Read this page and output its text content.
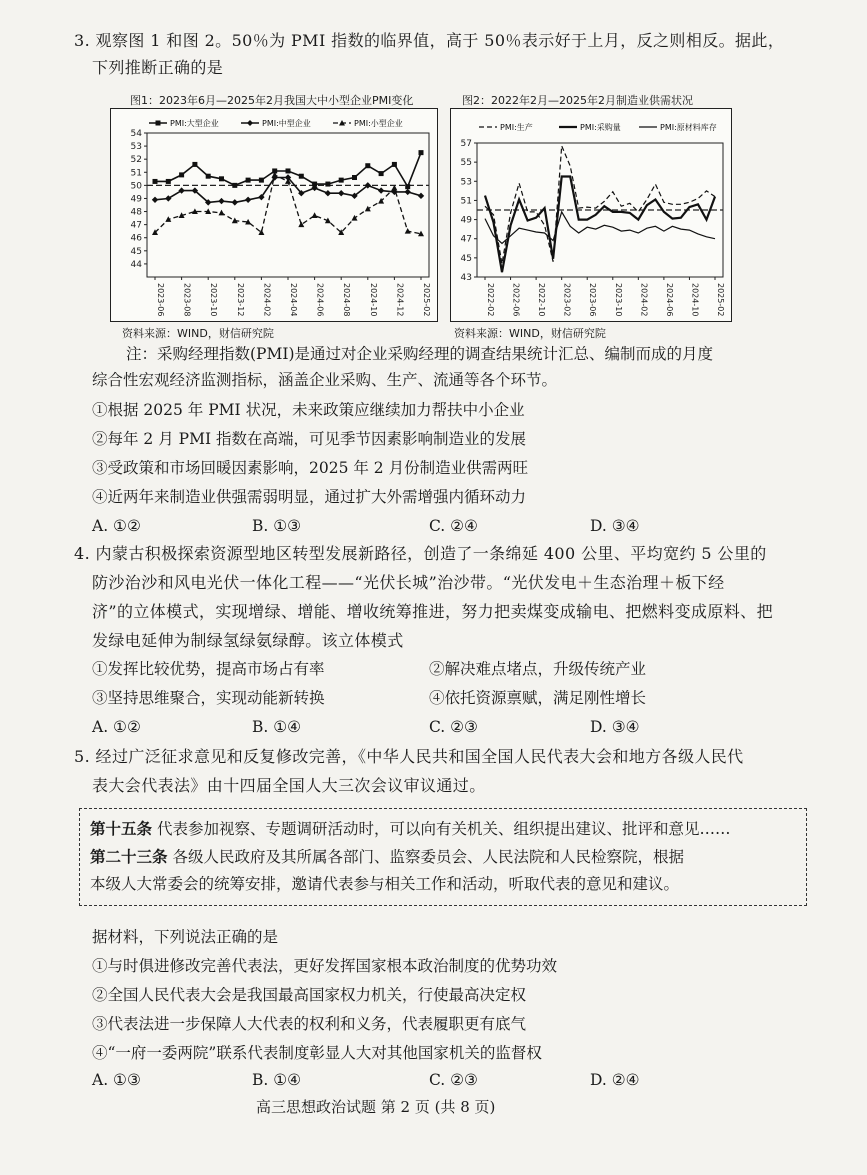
3. 观察图 1 和图 2。50％为 PMI 指数的临界值，高于 50％表示好于上月，反之则相反。据此，
下列推断正确的是
图1：2023年6月—2025年2月我国大中小型企业PMI变化	图2：2022年2月—2025年2月制造业供需状况
44
45
46
47
48
49
50
51
52
53
54
2023-06 2023-08 2023-10 2023-12 2024-02 2024-04 2024-06 2024-08 2024-10 2024-12 2025-02
PMI:大型企业	PMI:中型企业	PMI:小型企业
43
45
47
49
51
53
55
57
2022-02 2022-06 2022-10 2023-02 2023-06 2023-10 2024-02 2024-06 2024-10 2025-02
PMI:生产	PMI:采购量	PMI:原材料库存
资料来源：WIND，财信研究院	资料来源：WIND，财信研究院
注：采购经理指数(PMI)是通过对企业采购经理的调查结果统计汇总、编制而成的月度
综合性宏观经济监测指标，涵盖企业采购、生产、流通等各个环节。
①根据 2025 年 PMI 状况，未来政策应继续加力帮扶中小企业
②每年 2 月 PMI 指数在高端，可见季节因素影响制造业的发展
③受政策和市场回暖因素影响，2025 年 2 月份制造业供需两旺
④近两年来制造业供强需弱明显，通过扩大外需增强内循环动力
A. ①②	B. ①③	C. ②④	D. ③④
4. 内蒙古积极探索资源型地区转型发展新路径，创造了一条绵延 400 公里、平均宽约 5 公里的
防沙治沙和风电光伏一体化工程——“光伏长城”治沙带。“光伏发电＋生态治理＋板下经
济”的立体模式，实现增绿、增能、增收统筹推进，努力把卖煤变成输电、把燃料变成原料、把
发绿电延伸为制绿氢绿氨绿醇。该立体模式
①发挥比较优势，提高市场占有率	②解决难点堵点，升级传统产业
③坚持思维聚合，实现动能新转换	④依托资源禀赋，满足刚性增长
A. ①②	B. ①④	C. ②③	D. ③④
5. 经过广泛征求意见和反复修改完善，《中华人民共和国全国人民代表大会和地方各级人民代
表大会代表法》由十四届全国人大三次会议审议通过。
第十五条 代表参加视察、专题调研活动时，可以向有关机关、组织提出建议、批评和意见……
第二十三条 各级人民政府及其所属各部门、监察委员会、人民法院和人民检察院，根据
本级人大常委会的统筹安排，邀请代表参与相关工作和活动，听取代表的意见和建议。
据材料，下列说法正确的是
①与时俱进修改完善代表法，更好发挥国家根本政治制度的优势功效
②全国人民代表大会是我国最高国家权力机关，行使最高决定权
③代表法进一步保障人大代表的权利和义务，代表履职更有底气
④“一府一委两院”联系代表制度彰显人大对其他国家机关的监督权
A. ①③	B. ①④	C. ②③	D. ②④
高三思想政治试题 第 2 页 (共 8 页)
